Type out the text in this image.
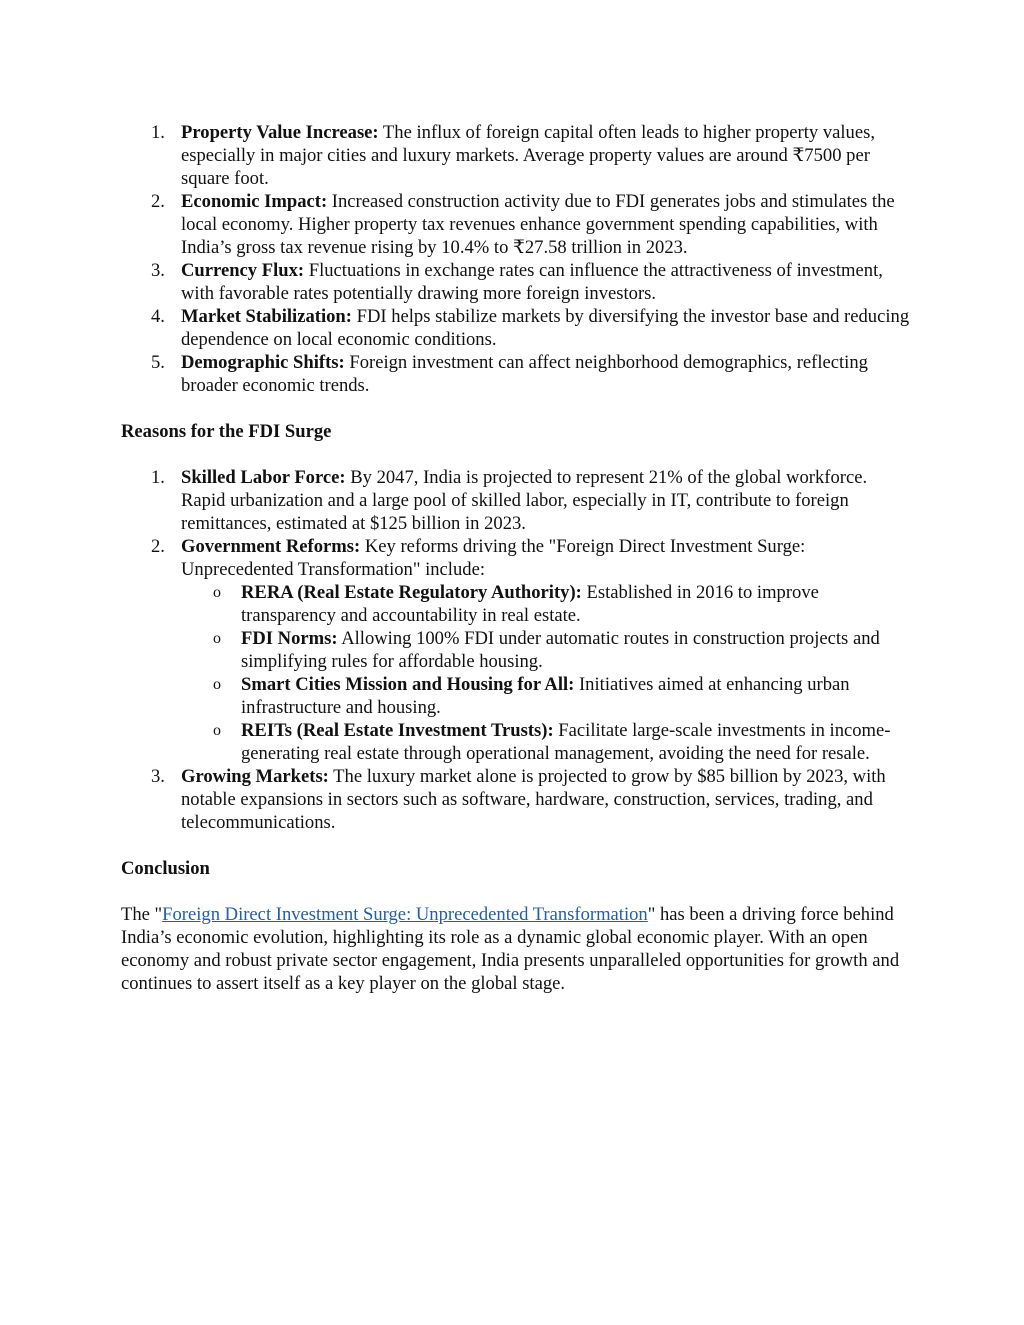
1. Property Value Increase: The influx of foreign capital often leads to higher property values, especially in major cities and luxury markets. Average property values are around ₹7500 per square foot.
2. Economic Impact: Increased construction activity due to FDI generates jobs and stimulates the local economy. Higher property tax revenues enhance government spending capabilities, with India’s gross tax revenue rising by 10.4% to ₹27.58 trillion in 2023.
3. Currency Flux: Fluctuations in exchange rates can influence the attractiveness of investment, with favorable rates potentially drawing more foreign investors.
4. Market Stabilization: FDI helps stabilize markets by diversifying the investor base and reducing dependence on local economic conditions.
5. Demographic Shifts: Foreign investment can affect neighborhood demographics, reflecting broader economic trends.
Reasons for the FDI Surge
1. Skilled Labor Force: By 2047, India is projected to represent 21% of the global workforce. Rapid urbanization and a large pool of skilled labor, especially in IT, contribute to foreign remittances, estimated at $125 billion in 2023.
2. Government Reforms: Key reforms driving the "Foreign Direct Investment Surge: Unprecedented Transformation" include:
o RERA (Real Estate Regulatory Authority): Established in 2016 to improve transparency and accountability in real estate.
o FDI Norms: Allowing 100% FDI under automatic routes in construction projects and simplifying rules for affordable housing.
o Smart Cities Mission and Housing for All: Initiatives aimed at enhancing urban infrastructure and housing.
o REITs (Real Estate Investment Trusts): Facilitate large-scale investments in income-generating real estate through operational management, avoiding the need for resale.
3. Growing Markets: The luxury market alone is projected to grow by $85 billion by 2023, with notable expansions in sectors such as software, hardware, construction, services, trading, and telecommunications.
Conclusion

The "Foreign Direct Investment Surge: Unprecedented Transformation" has been a driving force behind India’s economic evolution, highlighting its role as a dynamic global economic player. With an open economy and robust private sector engagement, India presents unparalleled opportunities for growth and continues to assert itself as a key player on the global stage.
